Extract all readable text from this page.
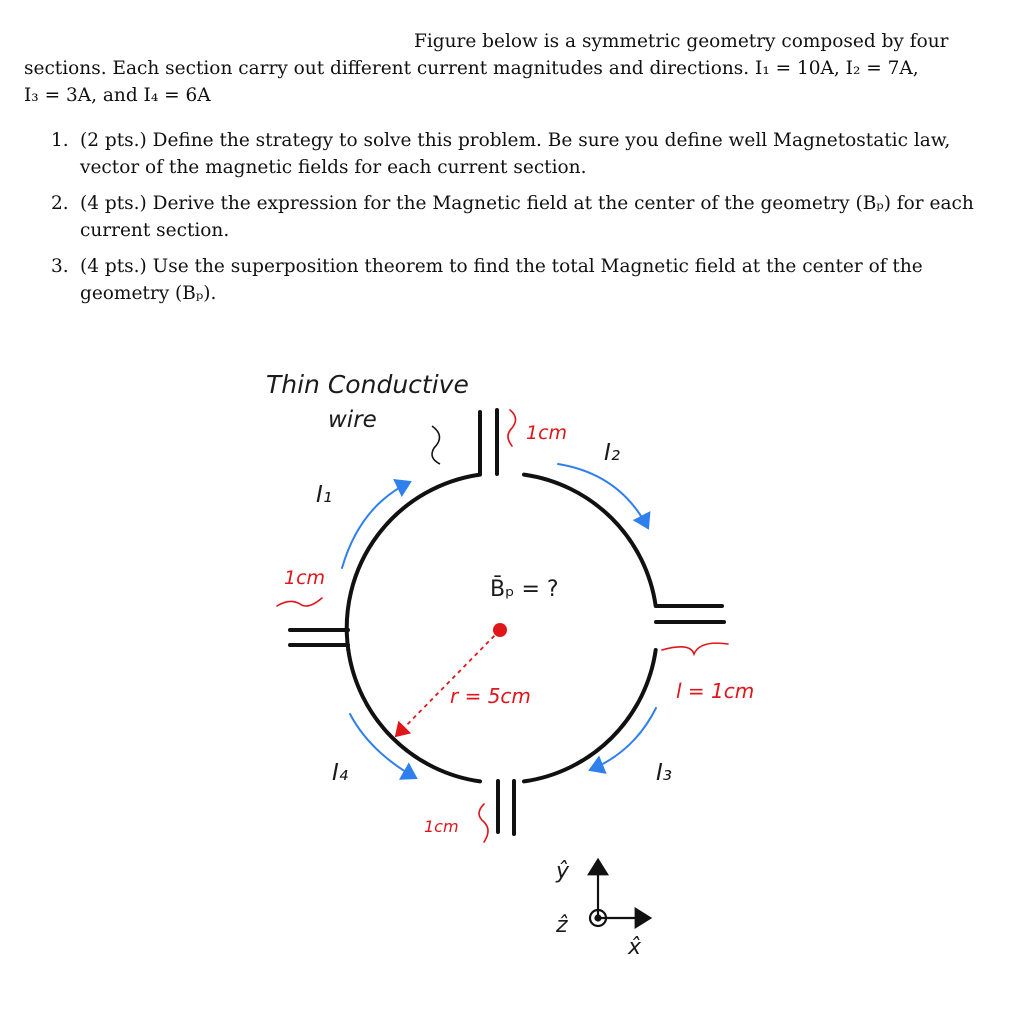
Figure below is a symmetric geometry composed by four
sections. Each section carry out different current magnitudes and directions. I₁ = 10A, I₂ = 7A,
I₃ = 3A, and I₄ = 6A
1. (2 pts.) Define the strategy to solve this problem. Be sure you define well Magnetostatic law, vector of the magnetic fields for each current section.
2. (4 pts.) Derive the expression for the Magnetic field at the center of the geometry (Bₚ) for each current section.
3. (4 pts.) Use the superposition theorem to find the total Magnetic field at the center of the geometry (Bₚ).
Thin Conductive
wire	1cm
I₂
I₁
1cm	B̄ₚ = ?
r = 5cm	l = 1cm
I₄	I₃
1cm
ŷ
ẑ
x̂
